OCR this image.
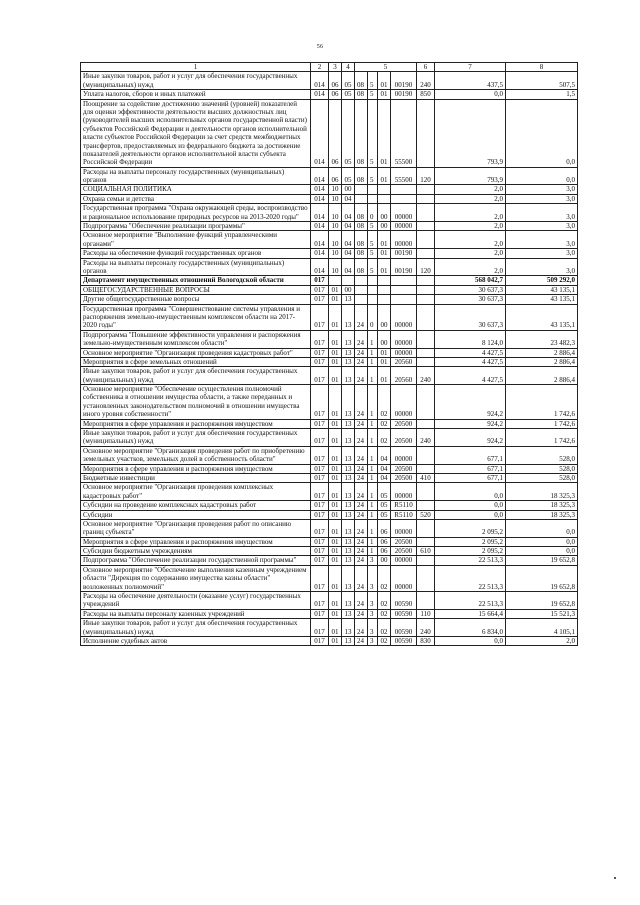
56
1	2	3	4	5				6	7	8
Иные закупки товаров, работ и услуг для обеспечения государственных (муниципальных) нужд	014	06	05	08	5	01	00190	240	437,5	507,5
Уплата налогов, сборов и иных платежей	014	06	05	08	5	01	00190	850	0,0	1,5
Поощрение за содействие достижению значений (уровней) показателей для оценки эффективности деятельности высших должностных лиц (руководителей высших исполнительных органов государственной власти) субъектов Российской Федерации и деятельности органов исполнительной власти субъектов Российской Федерации за счет средств межбюджетных трансфертов, предоставляемых из федерального бюджета за достижение показателей деятельности органов исполнительной власти субъекта Российской Федерации	014	06	05	08	5	01	55500		793,9	0,0
Расходы на выплаты персоналу государственных (муниципальных) органов	014	06	05	08	5	01	55500	120	793,9	0,0
СОЦИАЛЬНАЯ ПОЛИТИКА	014	10	00						2,0	3,0
Охрана семьи и детства	014	10	04						2,0	3,0
Государственная программа "Охрана окружающей среды, воспроизводство и рациональное использование природных ресурсов на 2013-2020 годы"	014	10	04	08	0	00	00000		2,0	3,0
Подпрограмма "Обеспечение реализации программы"	014	10	04	08	5	00	00000		2,0	3,0
Основное мероприятие "Выполнение функций управленческими органами"	014	10	04	08	5	01	00000		2,0	3,0
Расходы на обеспечение функций государственных органов	014	10	04	08	5	01	00190		2,0	3,0
Расходы на выплаты персоналу государственных (муниципальных) органов	014	10	04	08	5	01	00190	120	2,0	3,0
Департамент имущественных отношений Вологодской области	017								568 042,7	509 292,0
ОБЩЕГОСУДАРСТВЕННЫЕ ВОПРОСЫ	017	01	00						30 637,3	43 135,1
Другие общегосударственные вопросы	017	01	13						30 637,3	43 135,1
Государственная программа "Совершенствование системы управления и распоряжения земельно-имущественным комплексом области на 2017-2020 годы"	017	01	13	24	0	00	00000		30 637,3	43 135,1
Подпрограмма "Повышение эффективности управления и распоряжения земельно-имущественным комплексом области"	017	01	13	24	1	00	00000		8 124,0	23 482,3
Основное мероприятие "Организация проведения кадастровых работ"	017	01	13	24	1	01	00000		4 427,5	2 886,4
Мероприятия в сфере земельных отношений	017	01	13	24	1	01	20560		4 427,5	2 886,4
Иные закупки товаров, работ и услуг для обеспечения государственных (муниципальных) нужд	017	01	13	24	1	01	20560	240	4 427,5	2 886,4
Основное мероприятие "Обеспечение осуществления полномочий собственника в отношении имущества области, а также переданных и установленных законодательством полномочий в отношении имущества иного уровня собственности"	017	01	13	24	1	02	00000		924,2	1 742,6
Мероприятия в сфере управления и распоряжения имуществом	017	01	13	24	1	02	20500		924,2	1 742,6
Иные закупки товаров, работ и услуг для обеспечения государственных (муниципальных) нужд	017	01	13	24	1	02	20500	240	924,2	1 742,6
Основное мероприятие "Организация проведения работ по приобретению земельных участков, земельных долей в собственность области"	017	01	13	24	1	04	00000		677,1	528,0
Мероприятия в сфере управления и распоряжения имуществом	017	01	13	24	1	04	20500		677,1	528,0
Бюджетные инвестиции	017	01	13	24	1	04	20500	410	677,1	528,0
Основное мероприятие "Организация проведения комплексных кадастровых работ"	017	01	13	24	1	05	00000		0,0	18 325,3
Субсидии на проведение комплексных кадастровых работ	017	01	13	24	1	05	R5110		0,0	18 325,3
Субсидии	017	01	13	24	1	05	R5110	520	0,0	18 325,3
Основное мероприятие "Организация проведения работ по описанию границ субъекта"	017	01	13	24	1	06	00000		2 095,2	0,0
Мероприятия в сфере управления и распоряжения имуществом	017	01	13	24	1	06	20500		2 095,2	0,0
Субсидии бюджетным учреждениям	017	01	13	24	1	06	20500	610	2 095,2	0,0
Подпрограмма "Обеспечение реализации государственной программы"	017	01	13	24	3	00	00000		22 513,3	19 652,8
Основное мероприятие "Обеспечение выполнения казенным учреждением области "Дирекция по содержанию имущества казны области" возложенных полномочий"	017	01	13	24	3	02	00000		22 513,3	19 652,8
Расходы на обеспечение деятельности (оказание услуг) государственных учреждений	017	01	13	24	3	02	00590		22 513,3	19 652,8
Расходы на выплаты персоналу казенных учреждений	017	01	13	24	3	02	00590	110	15 664,4	15 521,3
Иные закупки товаров, работ и услуг для обеспечения государственных (муниципальных) нужд	017	01	13	24	3	02	00590	240	6 834,0	4 105,1
Исполнение судебных актов	017	01	13	24	3	02	00590	830	0,0	2,0
